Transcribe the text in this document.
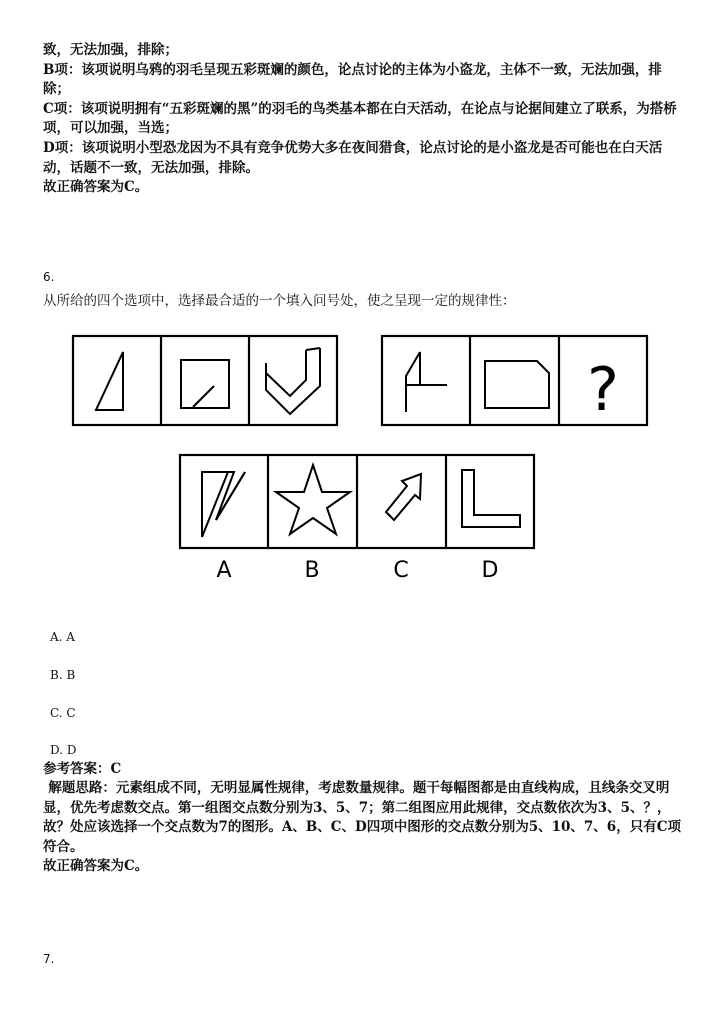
致，无法加强，排除；

B项：该项说明乌鸦的羽毛呈现五彩斑斓的颜色，论点讨论的主体为小盗龙，主体不一致，无法加强，排除；

C项：该项说明拥有“五彩斑斓的黑”的羽毛的鸟类基本都在白天活动，在论点与论据间建立了联系，为搭桥项，可以加强，当选；

D项：该项说明小型恐龙因为不具有竞争优势大多在夜间猎食，论点讨论的是小盗龙是否可能也在白天活动，话题不一致，无法加强，排除。

故正确答案为C。

6.
从所给的四个选项中，选择最合适的一个填入问号处，使之呈现一定的规律性：
?
A	B	C	D
A. A
B. B
C. C
D. D

参考答案：C

解题思路：元素组成不同，无明显属性规律，考虑数量规律。题干每幅图都是由直线构成，且线条交叉明显，优先考虑数交点。第一组图交点数分别为3、5、7；第二组图应用此规律，交点数依次为3、5、？，故？处应该选择一个交点数为7的图形。A、B、C、D四项中图形的交点数分别为5、10、7、6，只有C项符合。

故正确答案为C。

7.
